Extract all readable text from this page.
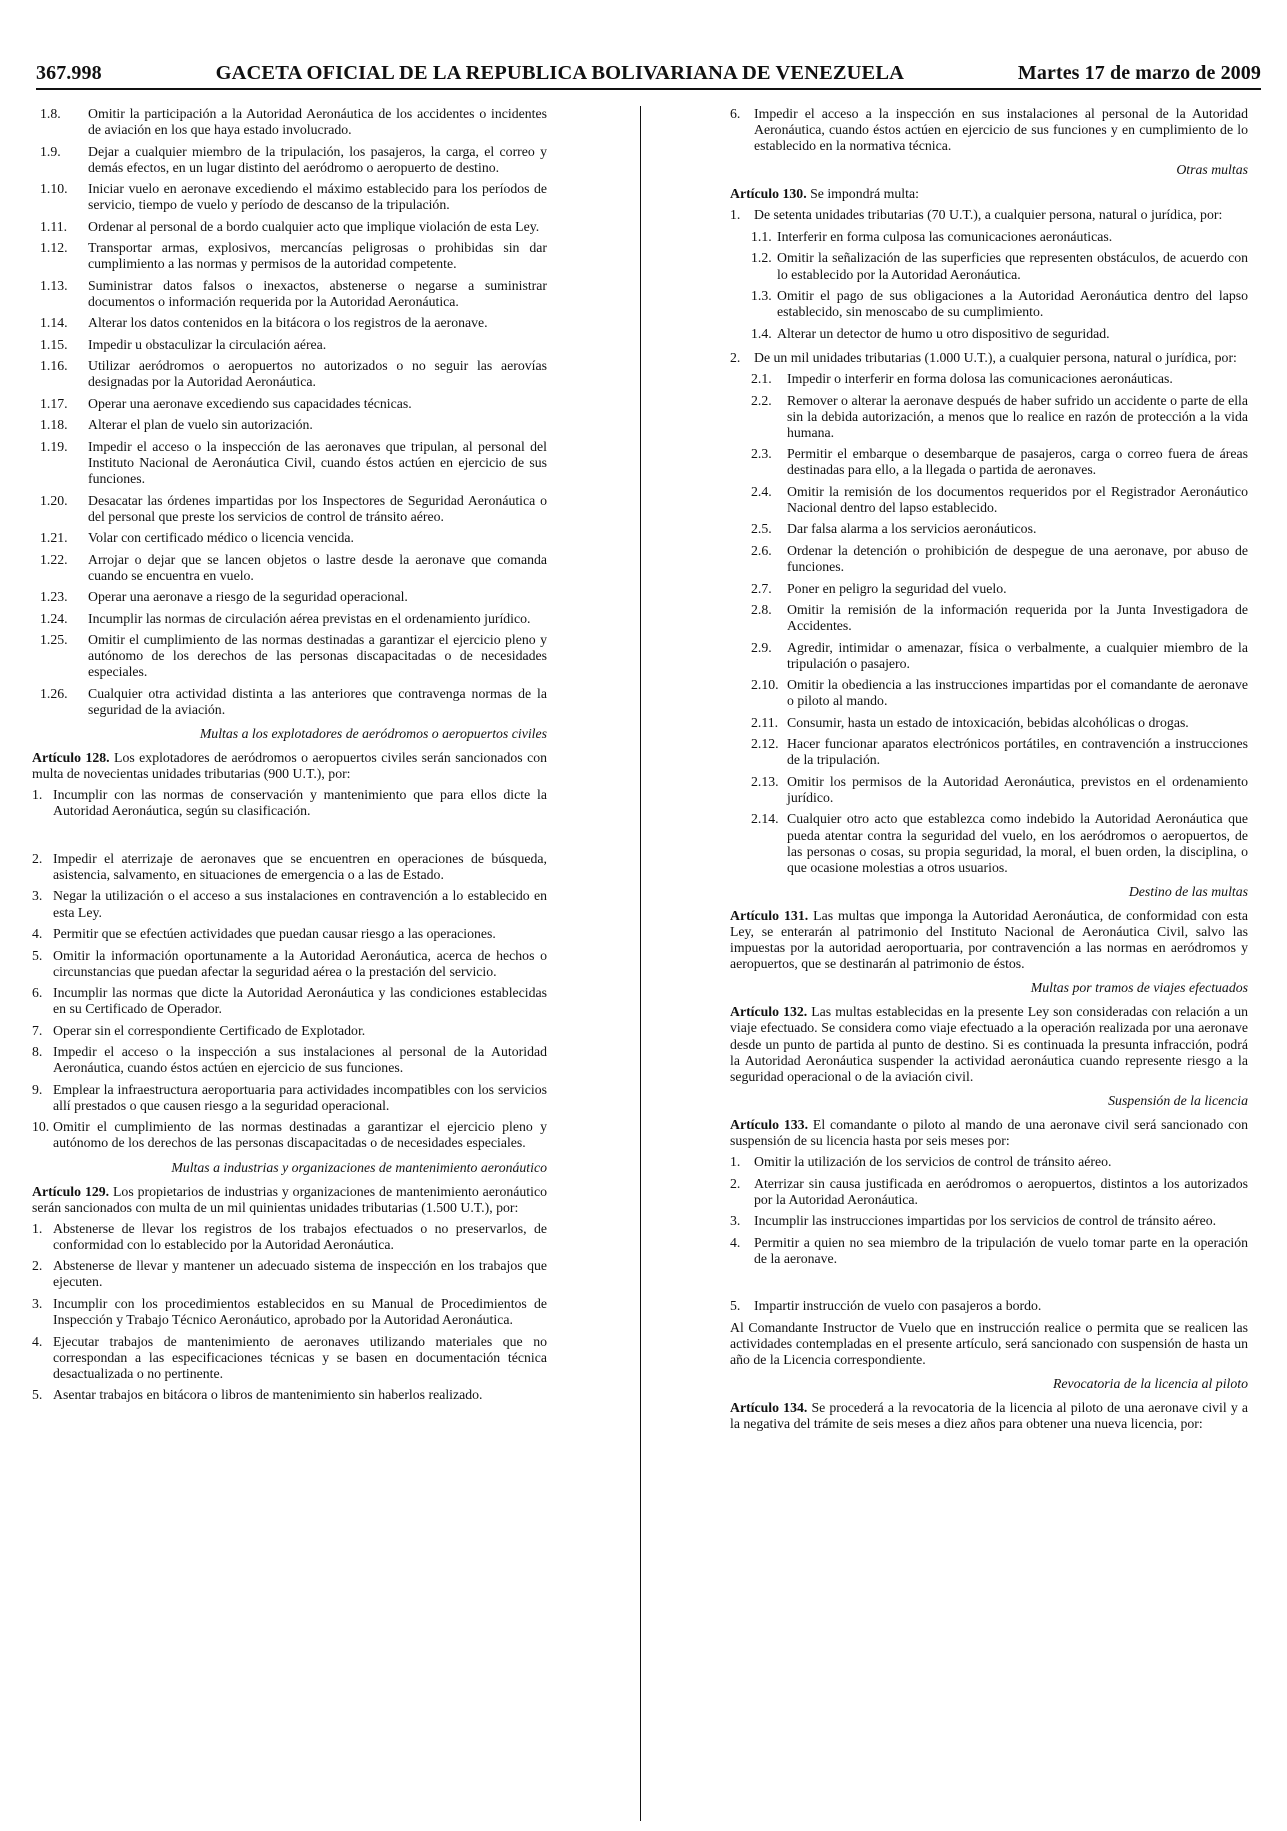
367.998	GACETA OFICIAL DE LA REPUBLICA BOLIVARIANA DE VENEZUELA	Martes 17 de marzo de 2009
1.8.	Omitir la participación a la Autoridad Aeronáutica de los accidentes o incidentes de aviación en los que haya estado involucrado.
1.9.	Dejar a cualquier miembro de la tripulación, los pasajeros, la carga, el correo y demás efectos, en un lugar distinto del aeródromo o aeropuerto de destino.
1.10.	Iniciar vuelo en aeronave excediendo el máximo establecido para los períodos de servicio, tiempo de vuelo y período de descanso de la tripulación.
1.11.	Ordenar al personal de a bordo cualquier acto que implique violación de esta Ley.
1.12.	Transportar armas, explosivos, mercancías peligrosas o prohibidas sin dar cumplimiento a las normas y permisos de la autoridad competente.
1.13.	Suministrar datos falsos o inexactos, abstenerse o negarse a suministrar documentos o información requerida por la Autoridad Aeronáutica.
1.14.	Alterar los datos contenidos en la bitácora o los registros de la aeronave.
1.15.	Impedir u obstaculizar la circulación aérea.
1.16.	Utilizar aeródromos o aeropuertos no autorizados o no seguir las aerovías designadas por la Autoridad Aeronáutica.
1.17.	Operar una aeronave excediendo sus capacidades técnicas.
1.18.	Alterar el plan de vuelo sin autorización.
1.19.	Impedir el acceso o la inspección de las aeronaves que tripulan, al personal del Instituto Nacional de Aeronáutica Civil, cuando éstos actúen en ejercicio de sus funciones.
1.20.	Desacatar las órdenes impartidas por los Inspectores de Seguridad Aeronáutica o del personal que preste los servicios de control de tránsito aéreo.
1.21.	Volar con certificado médico o licencia vencida.
1.22.	Arrojar o dejar que se lancen objetos o lastre desde la aeronave que comanda cuando se encuentra en vuelo.
1.23.	Operar una aeronave a riesgo de la seguridad operacional.
1.24.	Incumplir las normas de circulación aérea previstas en el ordenamiento jurídico.
1.25.	Omitir el cumplimiento de las normas destinadas a garantizar el ejercicio pleno y autónomo de los derechos de las personas discapacitadas o de necesidades especiales.
1.26.	Cualquier otra actividad distinta a las anteriores que contravenga normas de la seguridad de la aviación.
Multas a los explotadores de aeródromos o aeropuertos civiles
Artículo 128. Los explotadores de aeródromos o aeropuertos civiles serán sancionados con multa de novecientas unidades tributarias (900 U.T.), por:
1. Incumplir con las normas de conservación y mantenimiento que para ellos dicte la Autoridad Aeronáutica, según su clasificación.
2. Impedir el aterrizaje de aeronaves que se encuentren en operaciones de búsqueda, asistencia, salvamento, en situaciones de emergencia o a las de Estado.
3. Negar la utilización o el acceso a sus instalaciones en contravención a lo establecido en esta Ley.
4. Permitir que se efectúen actividades que puedan causar riesgo a las operaciones.
5. Omitir la información oportunamente a la Autoridad Aeronáutica, acerca de hechos o circunstancias que puedan afectar la seguridad aérea o la prestación del servicio.
6. Incumplir las normas que dicte la Autoridad Aeronáutica y las condiciones establecidas en su Certificado de Operador.
7. Operar sin el correspondiente Certificado de Explotador.
8. Impedir el acceso o la inspección a sus instalaciones al personal de la Autoridad Aeronáutica, cuando éstos actúen en ejercicio de sus funciones.
9. Emplear la infraestructura aeroportuaria para actividades incompatibles con los servicios allí prestados o que causen riesgo a la seguridad operacional.
10. Omitir el cumplimiento de las normas destinadas a garantizar el ejercicio pleno y autónomo de los derechos de las personas discapacitadas o de necesidades especiales.
Multas a industrias y organizaciones de mantenimiento aeronáutico
Artículo 129. Los propietarios de industrias y organizaciones de mantenimiento aeronáutico serán sancionados con multa de un mil quinientas unidades tributarias (1.500 U.T.), por:
1. Abstenerse de llevar los registros de los trabajos efectuados o no preservarlos, de conformidad con lo establecido por la Autoridad Aeronáutica.
2. Abstenerse de llevar y mantener un adecuado sistema de inspección en los trabajos que ejecuten.
3. Incumplir con los procedimientos establecidos en su Manual de Procedimientos de Inspección y Trabajo Técnico Aeronáutico, aprobado por la Autoridad Aeronáutica.
4. Ejecutar trabajos de mantenimiento de aeronaves utilizando materiales que no correspondan a las especificaciones técnicas y se basen en documentación técnica desactualizada o no pertinente.
5. Asentar trabajos en bitácora o libros de mantenimiento sin haberlos realizado.
6. Impedir el acceso a la inspección en sus instalaciones al personal de la Autoridad Aeronáutica, cuando éstos actúen en ejercicio de sus funciones y en cumplimiento de lo establecido en la normativa técnica.
Otras multas
Artículo 130. Se impondrá multa:
1. De setenta unidades tributarias (70 U.T.), a cualquier persona, natural o jurídica, por:
1.1. Interferir en forma culposa las comunicaciones aeronáuticas.
1.2. Omitir la señalización de las superficies que representen obstáculos, de acuerdo con lo establecido por la Autoridad Aeronáutica.
1.3. Omitir el pago de sus obligaciones a la Autoridad Aeronáutica dentro del lapso establecido, sin menoscabo de su cumplimiento.
1.4. Alterar un detector de humo u otro dispositivo de seguridad.
2. De un mil unidades tributarias (1.000 U.T.), a cualquier persona, natural o jurídica, por:
2.1.	Impedir o interferir en forma dolosa las comunicaciones aeronáuticas.
2.2.	Remover o alterar la aeronave después de haber sufrido un accidente o parte de ella sin la debida autorización, a menos que lo realice en razón de protección a la vida humana.
2.3.	Permitir el embarque o desembarque de pasajeros, carga o correo fuera de áreas destinadas para ello, a la llegada o partida de aeronaves.
2.4.	Omitir la remisión de los documentos requeridos por el Registrador Aeronáutico Nacional dentro del lapso establecido.
2.5.	Dar falsa alarma a los servicios aeronáuticos.
2.6.	Ordenar la detención o prohibición de despegue de una aeronave, por abuso de funciones.
2.7.	Poner en peligro la seguridad del vuelo.
2.8.	Omitir la remisión de la información requerida por la Junta Investigadora de Accidentes.
2.9.	Agredir, intimidar o amenazar, física o verbalmente, a cualquier miembro de la tripulación o pasajero.
2.10. Omitir la obediencia a las instrucciones impartidas por el comandante de aeronave o piloto al mando.
2.11. Consumir, hasta un estado de intoxicación, bebidas alcohólicas o drogas.
2.12. Hacer funcionar aparatos electrónicos portátiles, en contravención a instrucciones de la tripulación.
2.13. Omitir los permisos de la Autoridad Aeronáutica, previstos en el ordenamiento jurídico.
2.14. Cualquier otro acto que establezca como indebido la Autoridad Aeronáutica que pueda atentar contra la seguridad del vuelo, en los aeródromos o aeropuertos, de las personas o cosas, su propia seguridad, la moral, el buen orden, la disciplina, o que ocasione molestias a otros usuarios.
Destino de las multas
Artículo 131. Las multas que imponga la Autoridad Aeronáutica, de conformidad con esta Ley, se enterarán al patrimonio del Instituto Nacional de Aeronáutica Civil, salvo las impuestas por la autoridad aeroportuaria, por contravención a las normas en aeródromos y aeropuertos, que se destinarán al patrimonio de éstos.
Multas por tramos de viajes efectuados
Artículo 132. Las multas establecidas en la presente Ley son consideradas con relación a un viaje efectuado. Se considera como viaje efectuado a la operación realizada por una aeronave desde un punto de partida al punto de destino. Si es continuada la presunta infracción, podrá la Autoridad Aeronáutica suspender la actividad aeronáutica cuando represente riesgo a la seguridad operacional o de la aviación civil.
Suspensión de la licencia
Artículo 133. El comandante o piloto al mando de una aeronave civil será sancionado con suspensión de su licencia hasta por seis meses por:
1. Omitir la utilización de los servicios de control de tránsito aéreo.
2. Aterrizar sin causa justificada en aeródromos o aeropuertos, distintos a los autorizados por la Autoridad Aeronáutica.
3. Incumplir las instrucciones impartidas por los servicios de control de tránsito aéreo.
4. Permitir a quien no sea miembro de la tripulación de vuelo tomar parte en la operación de la aeronave.
5. Impartir instrucción de vuelo con pasajeros a bordo.
Al Comandante Instructor de Vuelo que en instrucción realice o permita que se realicen las actividades contempladas en el presente artículo, será sancionado con suspensión de hasta un año de la Licencia correspondiente.
Revocatoria de la licencia al piloto
Artículo 134. Se procederá a la revocatoria de la licencia al piloto de una aeronave civil y a la negativa del trámite de seis meses a diez años para obtener una nueva licencia, por:
